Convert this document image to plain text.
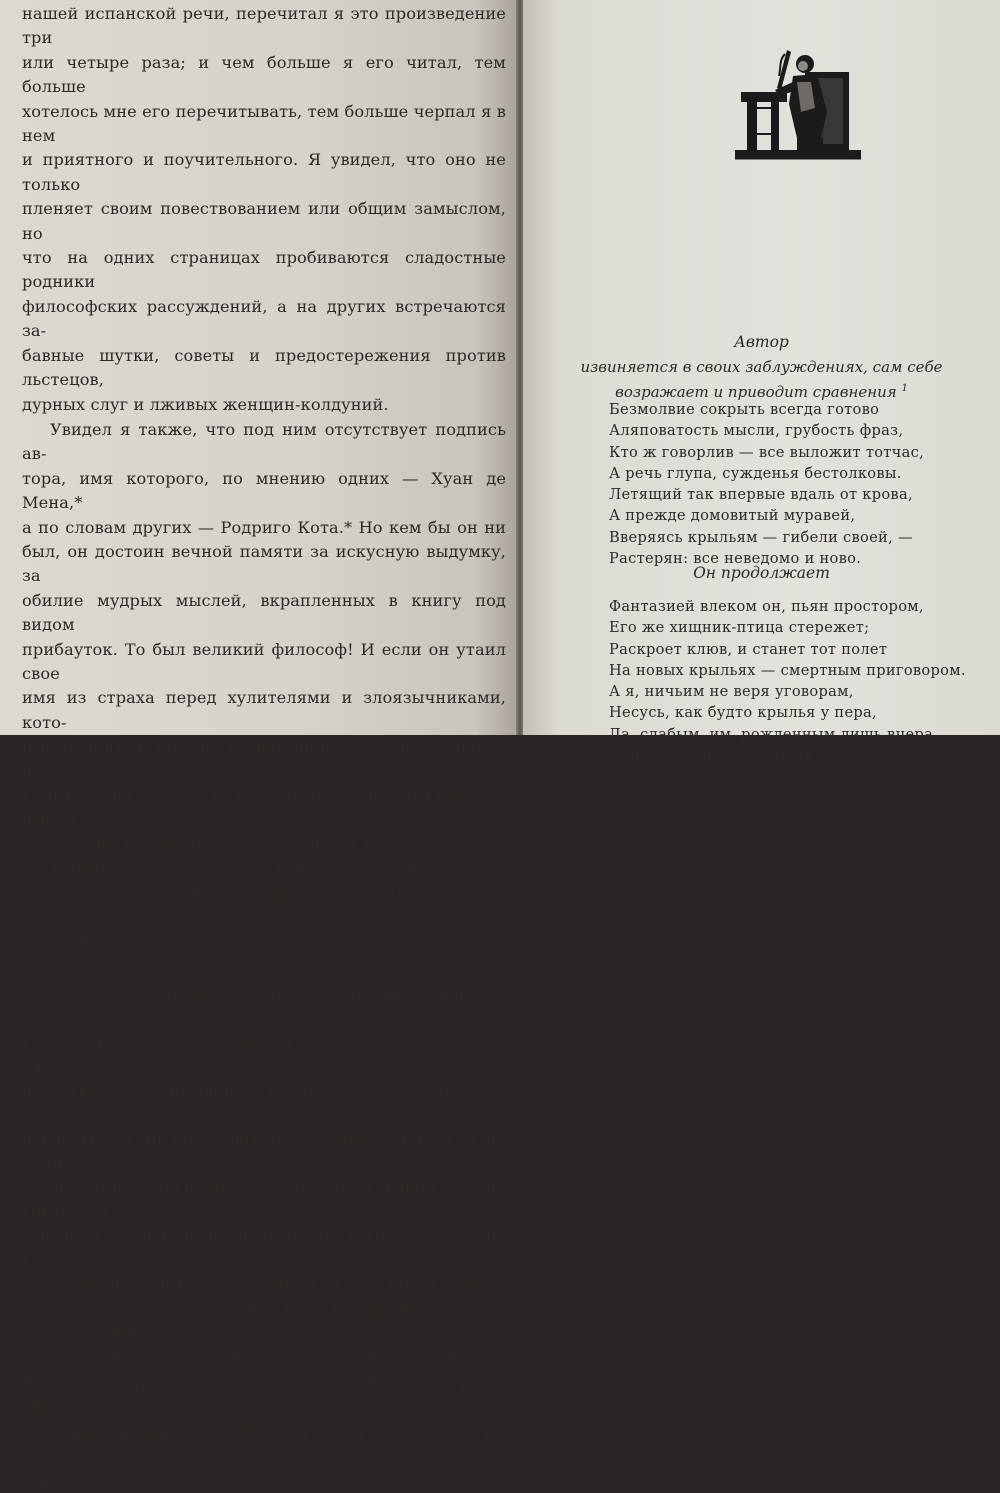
нашей испанской речи, перечитал я это произведение три

или четыре раза; и чем больше я его читал, тем больше

хотелось мне его перечитывать, тем больше черпал я в нем

и приятного и поучительного. Я увидел, что оно не только

пленяет своим повествованием или общим замыслом, но

что на одних страницах пробиваются сладостные родники

философских рассуждений, а на других встречаются за-

бавные шутки, советы и предостережения против льстецов,

дурных слуг и лживых женщин-колдуний.

Увидел я также, что под ним отсутствует подпись ав-

тора, имя которого, по мнению одних — Хуан де Мена,*

а по словам других — Родриго Кота.* Но кем бы он ни

был, он достоин вечной памяти за искусную выдумку, за

обилие мудрых мыслей, вкрапленных в книгу под видом

прибауток. То был великий философ! И если он утаил свое

имя из страха перед хулителями и злоязычниками, кото-

рые бранят чужое, не создав ничего своего, я прошу не

винить меня за то, что и я также не поставил своего имени

под убогим окончанием, добавленным мною.

К тому же книга эта, при всем ее остроумии, чужда

моим занятиям, ибо я изучаю право; те, кому это станет

известно, скажут, пожалуй, что писал я ее не на досуге от

главных моих трудов, которые, по правде говоря, я ставлю

гораздо выше, а увлекся этим новым делом, забросив уче-

ние. Пусть их догадки и неверны, я заслужил это своей

дерзостью. Они подумают также, что я потратил на окон-

чание этой книги не две недели вакаций, когда товарищи

мои разъехались по родным краям, а гораздо больше вре-

мени и с меньшим удовольствием. В свое оправдание я

предлагаю вам и всем, кто будет читать это произведение,

следующие стихи. А дабы вы знали, где вступает моя

неуклюжая речь, решил я все сочиненное первым автором

соединить в одно действие или сцену до того места, где

говорится «Братцы мои...» и т. д.

Автор
извиняется в своих заблуждениях, сам себе
возражает и приводит сравнения $^1$
Безмолвие сокрыть всегда готово
Аляповатость мысли, грубость фраз,
Кто ж говорлив — все выложит тотчас,
А речь глупа, сужденья бестолковы.
Летящий так впервые вдаль от крова,
А прежде домовитый муравей,
Вверяясь крыльям — гибели своей, —
Растерян: все неведомо и ново.
Он продолжает
Фантазией влеком он, пьян простором,
Его же хищник-птица стережет;
Раскроет клюв, и станет тот полет
На новых крыльях — смертным приговором.
А я, ничьим не веря уговорам,
Несусь, как будто крылья у пера,
Да, слабым, им, рожденным лишь вчера.
Одно дано: покрыть меня позором.
